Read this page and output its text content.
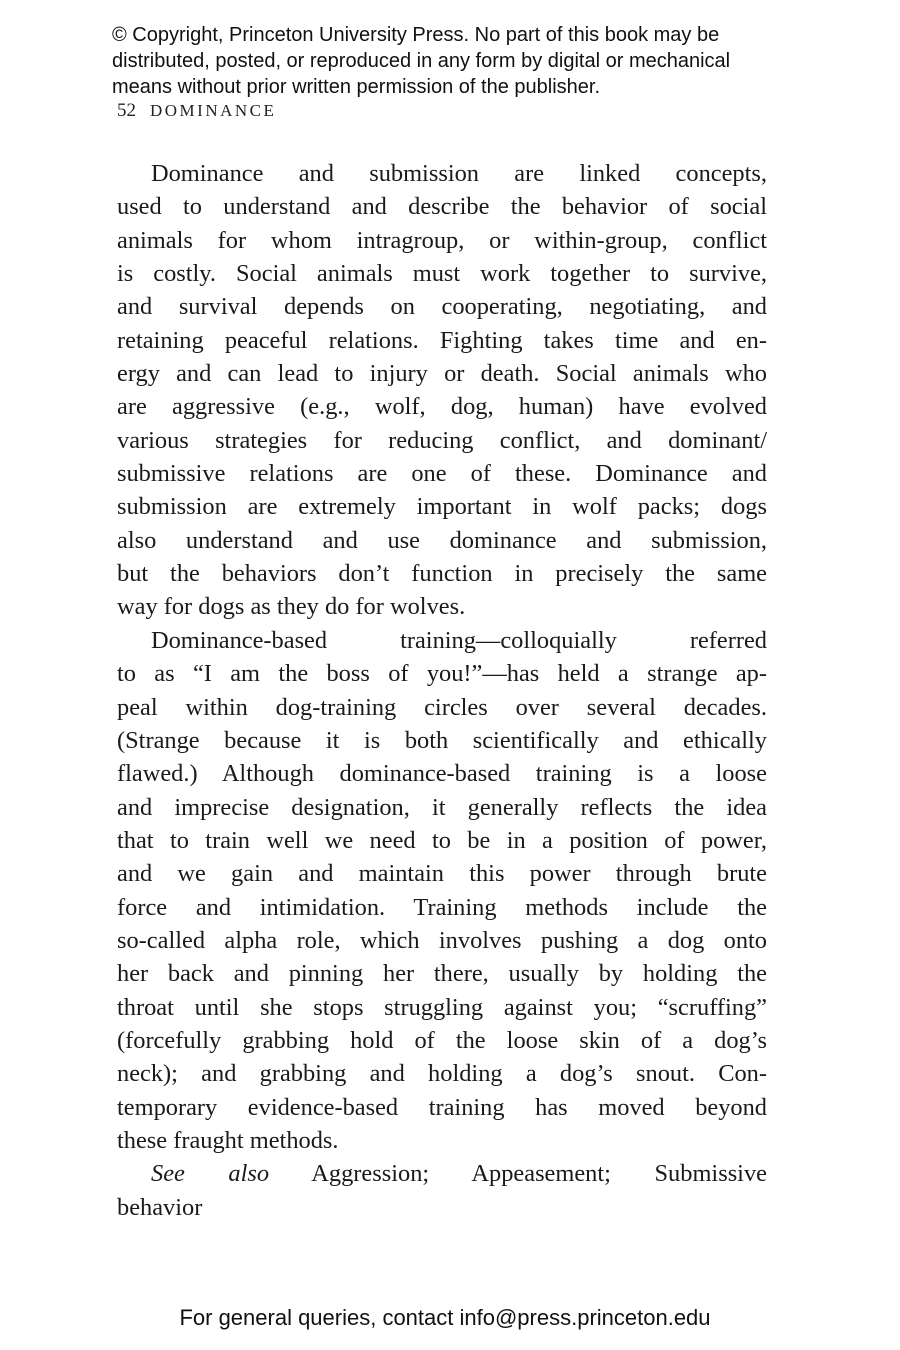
© Copyright, Princeton University Press. No part of this book may be
distributed, posted, or reproduced in any form by digital or mechanical
means without prior written permission of the publisher.
52 DOMINANCE
Dominance and submission are linked concepts,
used to understand and describe the behavior of social
animals for whom intragroup, or within-group, conflict
is costly. Social animals must work together to survive,
and survival depends on cooperating, negotiating, and
retaining peaceful relations. Fighting takes time and en-
ergy and can lead to injury or death. Social animals who
are aggressive (e.g., wolf, dog, human) have evolved
various strategies for reducing conflict, and dominant/
submissive relations are one of these. Dominance and
submission are extremely important in wolf packs; dogs
also understand and use dominance and submission,
but the behaviors don’t function in precisely the same
way for dogs as they do for wolves.
Dominance-based training—colloquially referred
to as “I am the boss of you!”—has held a strange ap-
peal within dog-training circles over several decades.
(Strange because it is both scientifically and ethically
flawed.) Although dominance-based training is a loose
and imprecise designation, it generally reflects the idea
that to train well we need to be in a position of power,
and we gain and maintain this power through brute
force and intimidation. Training methods include the
so-called alpha role, which involves pushing a dog onto
her back and pinning her there, usually by holding the
throat until she stops struggling against you; “scruffing”
(forcefully grabbing hold of the loose skin of a dog’s
neck); and grabbing and holding a dog’s snout. Con-
temporary evidence-based training has moved beyond
these fraught methods.
See also Aggression; Appeasement; Submissive
behavior
For general queries, contact info@press.princeton.edu
